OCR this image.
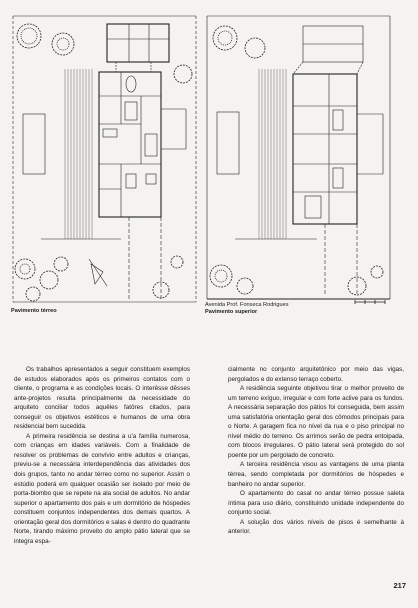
Pavimento térreo
Avenida Prof. Fonseca Rodrigues
Pavimento superior

Os trabalhos apresentados a seguir constituem exemplos de estudos elaborados após os primeiros contatos com o cliente, o programa e as condições locais. O interêsse dêsses ante-projetos resulta principalmente da necessidade do arquiteto conciliar todos aquêles fatôres citados, para conseguir os objetivos estéticos e humanos de uma obra residencial bem sucedida.

A primeira residência se destina a u'a família numerosa, com crianças em idades variáveis. Com a finalidade de resolver os problemas de convívio entre adultos e crianças, previu-se a necessária interdependência das atividades dos dois grupos, tanto no andar térreo como no superior. Assim o estúdio poderá em qualquer ocasião ser isolado por meio de porta-biombo que se repete na ala social de adultos. No andar superior o apartamento dos pais e um dormitório de hóspedes constituem conjuntos independentes dos demais quartos. A orientação geral dos dormitórios e salas é dentro do quadrante Norte, tirando máximo proveito do amplo pátio lateral que se integra espa-

cialmente no conjunto arquitetônico por meio das vigas, pergolados e do extenso terraço coberto.

A residência seguinte objetivou tirar o melhor proveito de um terreno exíguo, irregular e com forte aclive para os fundos. A necessária separação dos pátios foi conseguida, bem assim uma satisfatória orientação geral dos cômodos principais para o Norte. A garagem fica no nível da rua e o piso principal no nível médio do terreno. Os arrimos serão de pedra entoipada, com blocos irregulares. O pátio lateral será protegido do sol poente por um pergolado de concreto.

A terceira residência visou as vantagens de uma planta térrea, sendo completada por dormitórios de hóspedes e banheiro no andar superior.

O apartamento do casal no andar térreo possue saleta íntima para uso diário, constituindo unidade independente do conjunto social.

A solução dos vários níveis de pisos é semelhante à anterior.

217
